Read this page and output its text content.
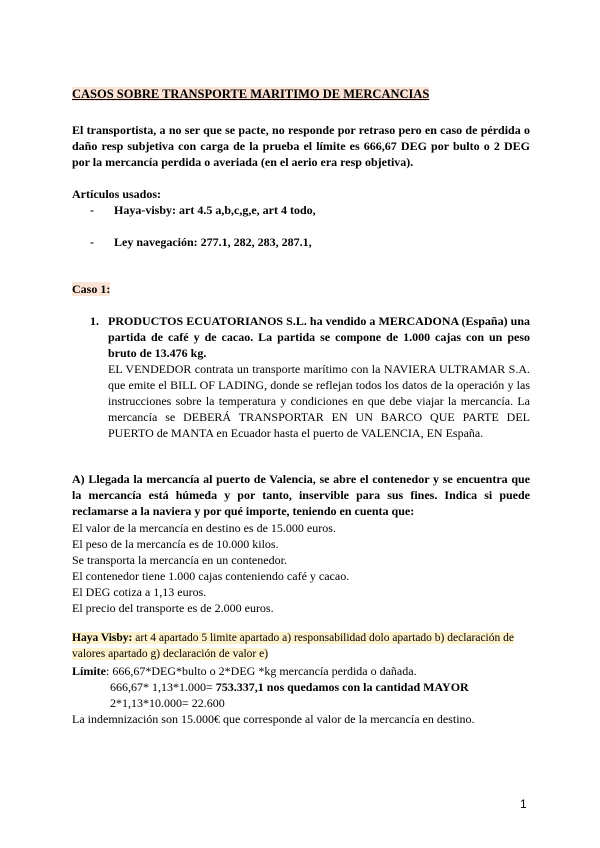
CASOS SOBRE TRANSPORTE MARITIMO DE MERCANCIAS
El transportista, a no ser que se pacte, no responde por retraso pero en caso de pérdida o daño resp subjetiva con carga de la prueba el límite es 666,67 DEG por bulto o 2 DEG por la mercancía perdida o averiada (en el aerio era resp objetiva).
Artículos usados:
- Haya-visby: art 4.5 a,b,c,g,e, art 4 todo,
- Ley navegación: 277.1, 282, 283, 287.1,
Caso 1:
1. PRODUCTOS ECUATORIANOS S.L. ha vendido a MERCADONA (España) una partida de café y de cacao. La partida se compone de 1.000 cajas con un peso bruto de 13.476 kg.
EL VENDEDOR contrata un transporte marítimo con la NAVIERA ULTRAMAR S.A. que emite el BILL OF LADING, donde se reflejan todos los datos de la operación y las instrucciones sobre la temperatura y condiciones en que debe viajar la mercancía. La mercancía se DEBERÁ TRANSPORTAR EN UN BARCO QUE PARTE DEL PUERTO de MANTA en Ecuador hasta el puerto de VALENCIA, EN España.
A) Llegada la mercancía al puerto de Valencia, se abre el contenedor y se encuentra que la mercancía está húmeda y por tanto, inservible para sus fines. Indica si puede reclamarse a la naviera y por qué importe, teniendo en cuenta que:
El valor de la mercancía en destino es de 15.000 euros.
El peso de la mercancía es de 10.000 kilos.
Se transporta la mercancía en un contenedor.
El contenedor tiene 1.000 cajas conteniendo café y cacao.
El DEG cotiza a 1,13 euros.
El precio del transporte es de 2.000 euros.
Haya Visby: art 4 apartado 5 limite apartado a) responsabilidad dolo apartado b) declaración de valores apartado g) declaración de valor e)
Límite: 666,67*DEG*bulto o 2*DEG *kg mercancía perdida o dañada.
666,67* 1,13*1.000= 753.337,1 nos quedamos con la cantidad MAYOR
2*1,13*10.000= 22.600
La indemnización son 15.000€ que corresponde al valor de la mercancía en destino.
1
